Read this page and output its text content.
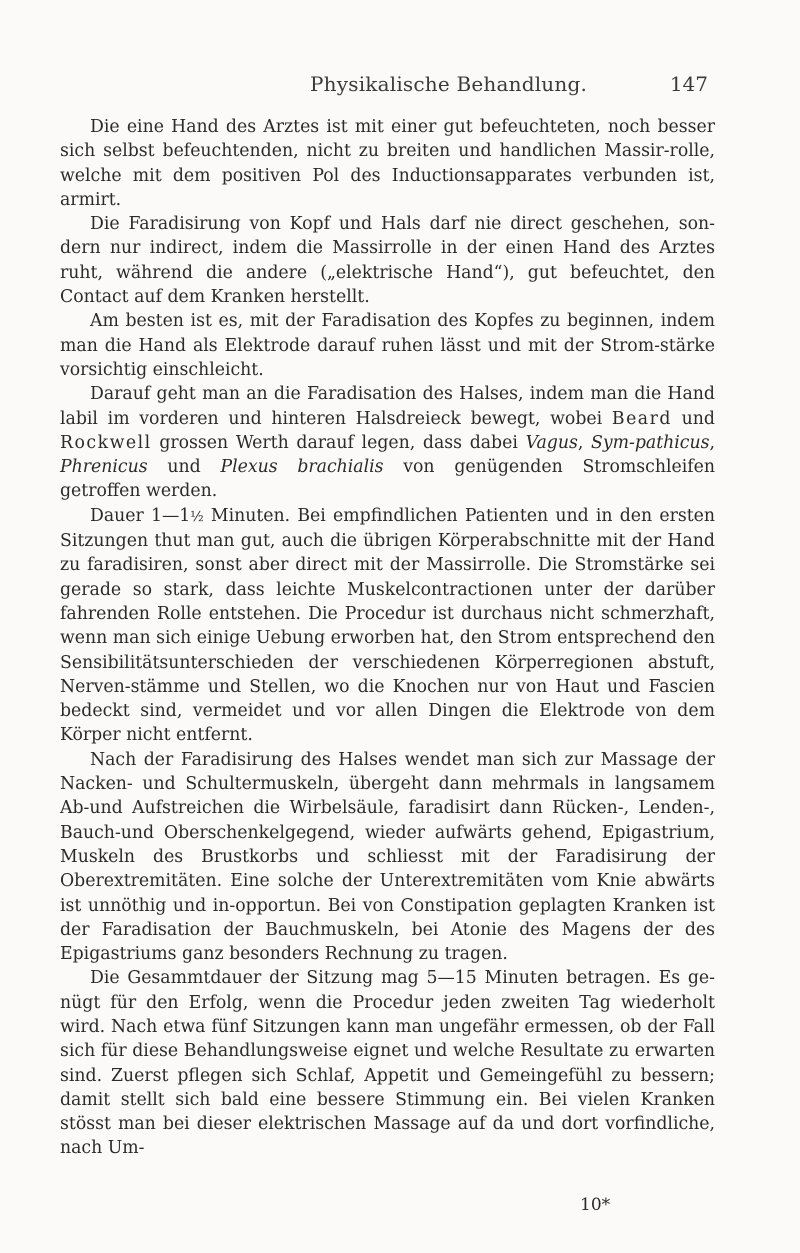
Physikalische Behandlung.	147

Die eine Hand des Arztes ist mit einer gut befeuchteten, noch besser sich selbst befeuchtenden, nicht zu breiten und handlichen Massir-rolle, welche mit dem positiven Pol des Inductionsapparates verbunden ist, armirt.

Die Faradisirung von Kopf und Hals darf nie direct geschehen, son-dern nur indirect, indem die Massirrolle in der einen Hand des Arztes ruht, während die andere („elektrische Hand“), gut befeuchtet, den Contact auf dem Kranken herstellt.

Am besten ist es, mit der Faradisation des Kopfes zu beginnen, indem man die Hand als Elektrode darauf ruhen lässt und mit der Strom-stärke vorsichtig einschleicht.

Darauf geht man an die Faradisation des Halses, indem man die Hand labil im vorderen und hinteren Halsdreieck bewegt, wobei Beard und Rockwell grossen Werth darauf legen, dass dabei Vagus, Sym-pathicus, Phrenicus und Plexus brachialis von genügenden Stromschleifen getroffen werden.

Dauer 1—1½ Minuten. Bei empfindlichen Patienten und in den ersten Sitzungen thut man gut, auch die übrigen Körperabschnitte mit der Hand zu faradisiren, sonst aber direct mit der Massirrolle. Die Stromstärke sei gerade so stark, dass leichte Muskelcontractionen unter der darüber fahrenden Rolle entstehen. Die Procedur ist durchaus nicht schmerzhaft, wenn man sich einige Uebung erworben hat, den Strom entsprechend den Sensibilitätsunterschieden der verschiedenen Körperregionen abstuft, Nerven-stämme und Stellen, wo die Knochen nur von Haut und Fascien bedeckt sind, vermeidet und vor allen Dingen die Elektrode von dem Körper nicht entfernt.

Nach der Faradisirung des Halses wendet man sich zur Massage der Nacken- und Schultermuskeln, übergeht dann mehrmals in langsamem Ab-und Aufstreichen die Wirbelsäule, faradisirt dann Rücken-, Lenden-, Bauch-und Oberschenkelgegend, wieder aufwärts gehend, Epigastrium, Muskeln des Brustkorbs und schliesst mit der Faradisirung der Oberextremitäten. Eine solche der Unterextremitäten vom Knie abwärts ist unnöthig und in-opportun. Bei von Constipation geplagten Kranken ist der Faradisation der Bauchmuskeln, bei Atonie des Magens der des Epigastriums ganz besonders Rechnung zu tragen.

Die Gesammtdauer der Sitzung mag 5—15 Minuten betragen. Es ge-nügt für den Erfolg, wenn die Procedur jeden zweiten Tag wiederholt wird. Nach etwa fünf Sitzungen kann man ungefähr ermessen, ob der Fall sich für diese Behandlungsweise eignet und welche Resultate zu erwarten sind. Zuerst pflegen sich Schlaf, Appetit und Gemeingefühl zu bessern; damit stellt sich bald eine bessere Stimmung ein. Bei vielen Kranken stösst man bei dieser elektrischen Massage auf da und dort vorfindliche, nach Um-

10*
